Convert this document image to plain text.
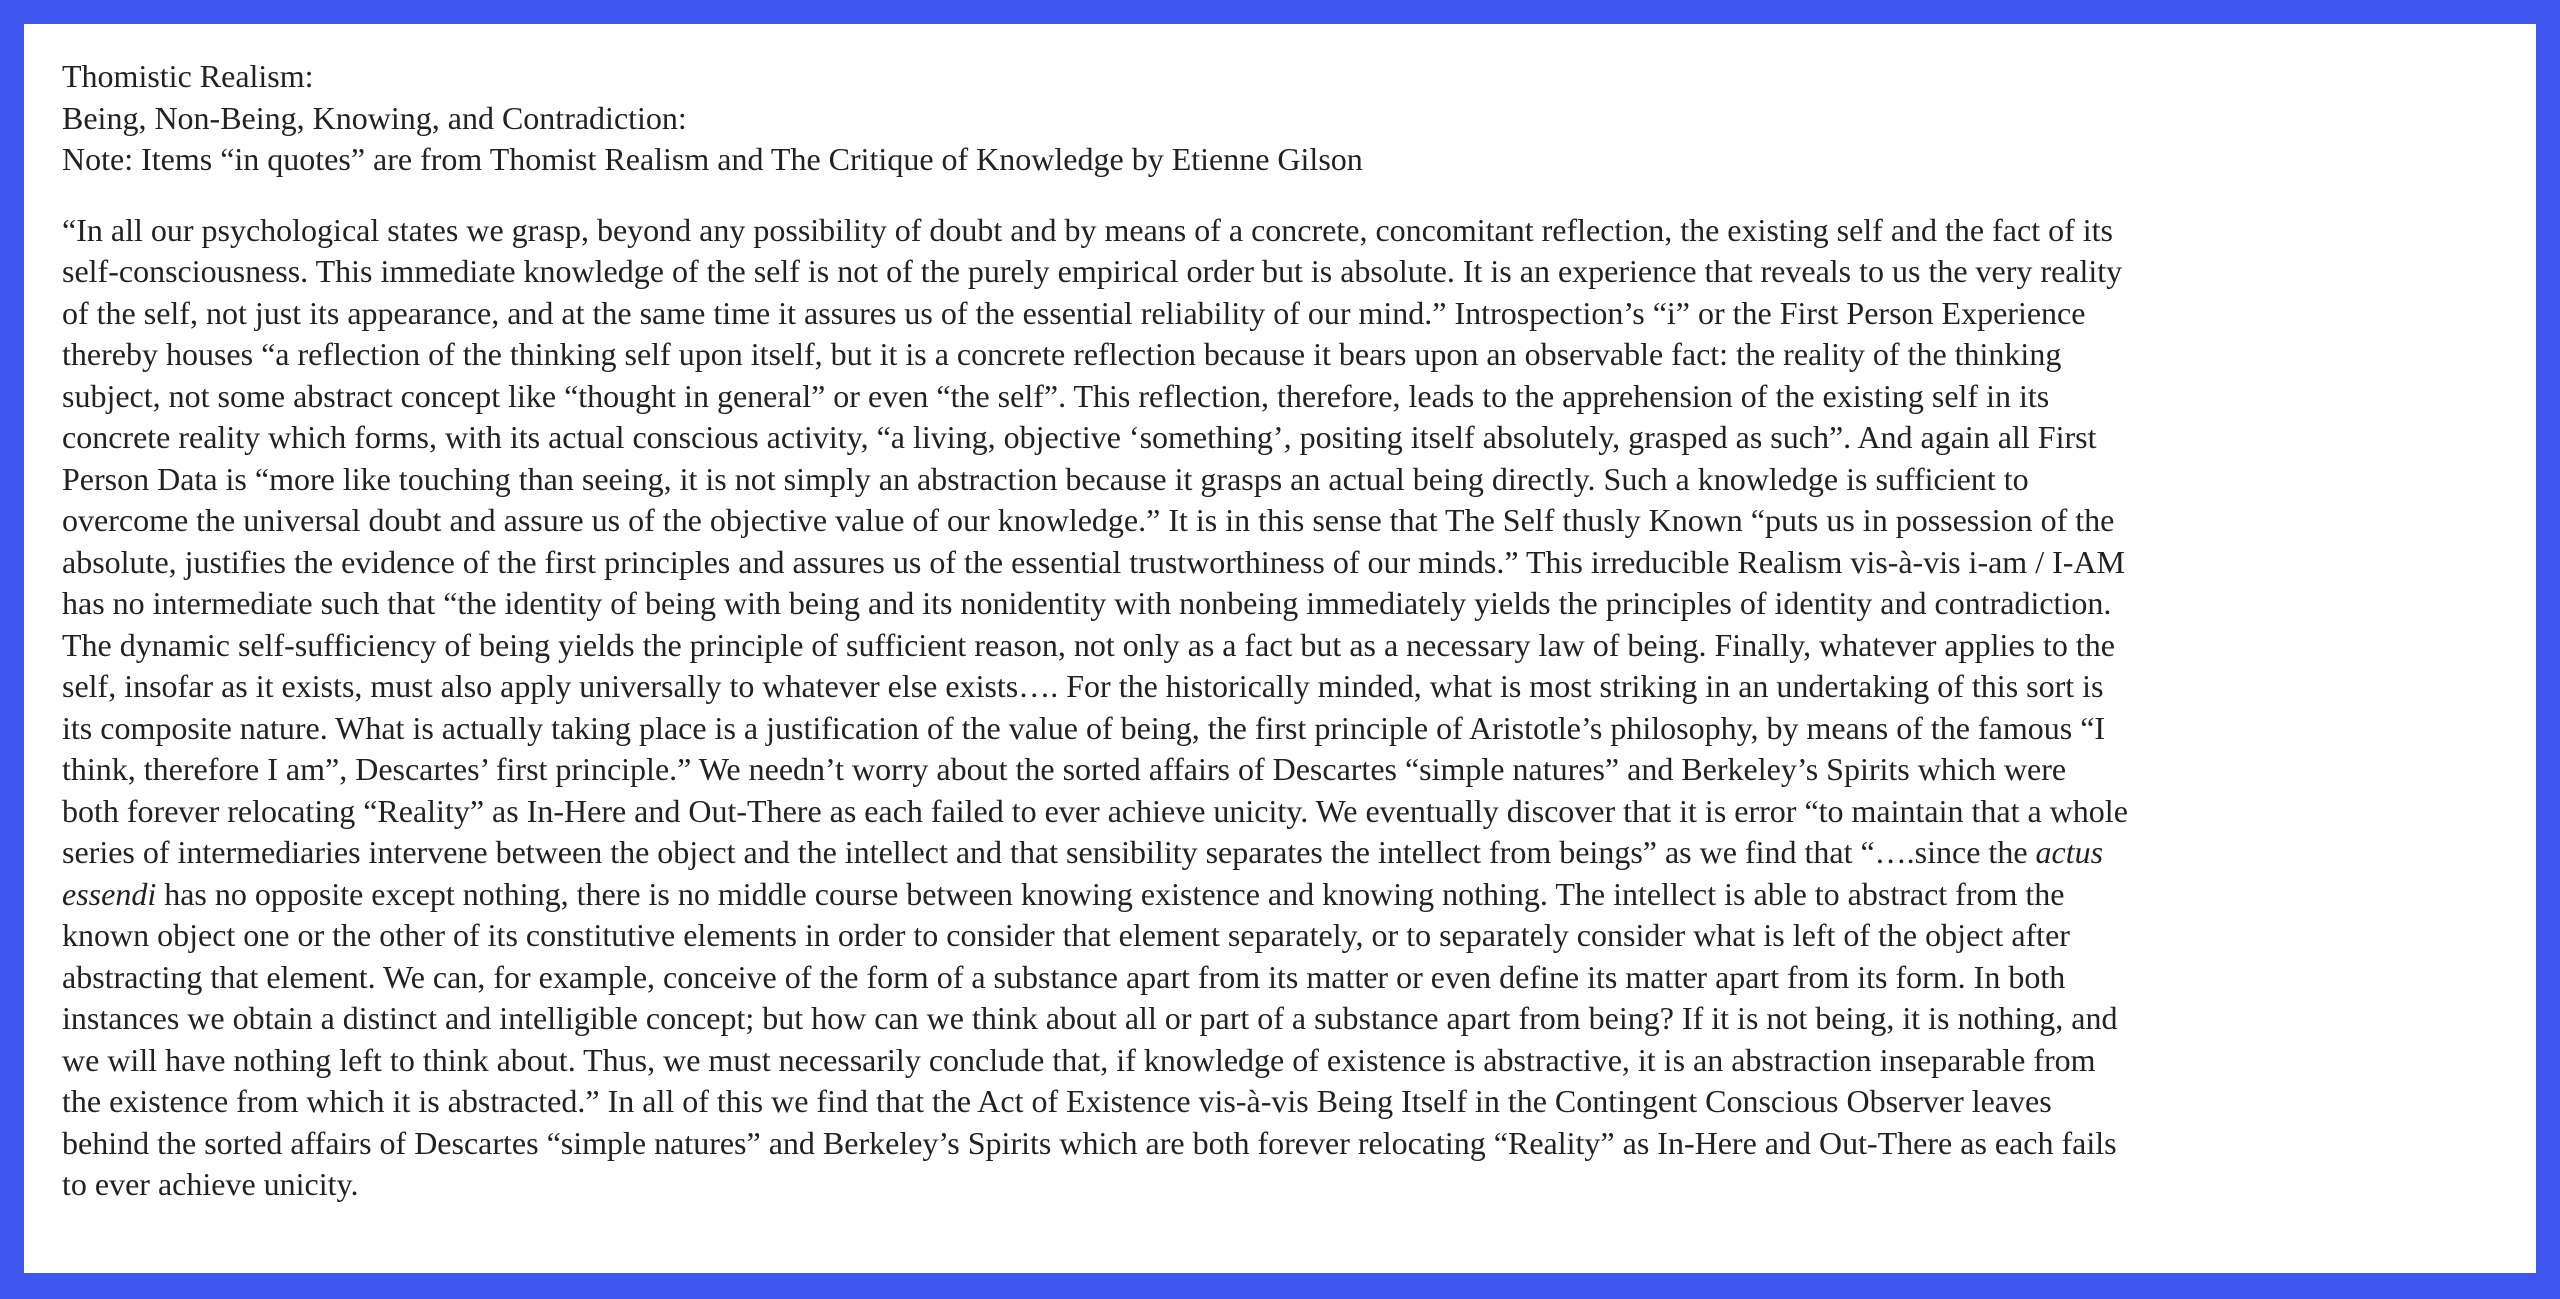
Thomistic Realism:
Being, Non-Being, Knowing, and Contradiction:
Note: Items “in quotes” are from Thomist Realism and The Critique of Knowledge by Etienne Gilson
“In all our psychological states we grasp, beyond any possibility of doubt and by means of a concrete, concomitant reflection, the existing self and the fact of its
self-consciousness. This immediate knowledge of the self is not of the purely empirical order but is absolute. It is an experience that reveals to us the very reality
of the self, not just its appearance, and at the same time it assures us of the essential reliability of our mind.” Introspection’s “i” or the First Person Experience
thereby houses “a reflection of the thinking self upon itself, but it is a concrete reflection because it bears upon an observable fact: the reality of the thinking
subject, not some abstract concept like “thought in general” or even “the self”. This reflection, therefore, leads to the apprehension of the existing self in its
concrete reality which forms, with its actual conscious activity, “a living, objective ‘something’, positing itself absolutely, grasped as such”. And again all First
Person Data is “more like touching than seeing, it is not simply an abstraction because it grasps an actual being directly. Such a knowledge is sufficient to
overcome the universal doubt and assure us of the objective value of our knowledge.” It is in this sense that The Self thusly Known “puts us in possession of the
absolute, justifies the evidence of the first principles and assures us of the essential trustworthiness of our minds.” This irreducible Realism vis-à-vis i-am / I-AM
has no intermediate such that “the identity of being with being and its nonidentity with nonbeing immediately yields the principles of identity and contradiction.
The dynamic self-sufficiency of being yields the principle of sufficient reason, not only as a fact but as a necessary law of being. Finally, whatever applies to the
self, insofar as it exists, must also apply universally to whatever else exists…. For the historically minded, what is most striking in an undertaking of this sort is
its composite nature. What is actually taking place is a justification of the value of being, the first principle of Aristotle’s philosophy, by means of the famous “I
think, therefore I am”, Descartes’ first principle.” We needn’t worry about the sorted affairs of Descartes “simple natures” and Berkeley’s Spirits which were
both forever relocating “Reality” as In-Here and Out-There as each failed to ever achieve unicity. We eventually discover that it is error “to maintain that a whole
series of intermediaries intervene between the object and the intellect and that sensibility separates the intellect from beings” as we find that “….since the actus
essendi has no opposite except nothing, there is no middle course between knowing existence and knowing nothing. The intellect is able to abstract from the
known object one or the other of its constitutive elements in order to consider that element separately, or to separately consider what is left of the object after
abstracting that element. We can, for example, conceive of the form of a substance apart from its matter or even define its matter apart from its form. In both
instances we obtain a distinct and intelligible concept; but how can we think about all or part of a substance apart from being? If it is not being, it is nothing, and
we will have nothing left to think about. Thus, we must necessarily conclude that, if knowledge of existence is abstractive, it is an abstraction inseparable from
the existence from which it is abstracted.” In all of this we find that the Act of Existence vis-à-vis Being Itself in the Contingent Conscious Observer leaves
behind the sorted affairs of Descartes “simple natures” and Berkeley’s Spirits which are both forever relocating “Reality” as In-Here and Out-There as each fails
to ever achieve unicity.
